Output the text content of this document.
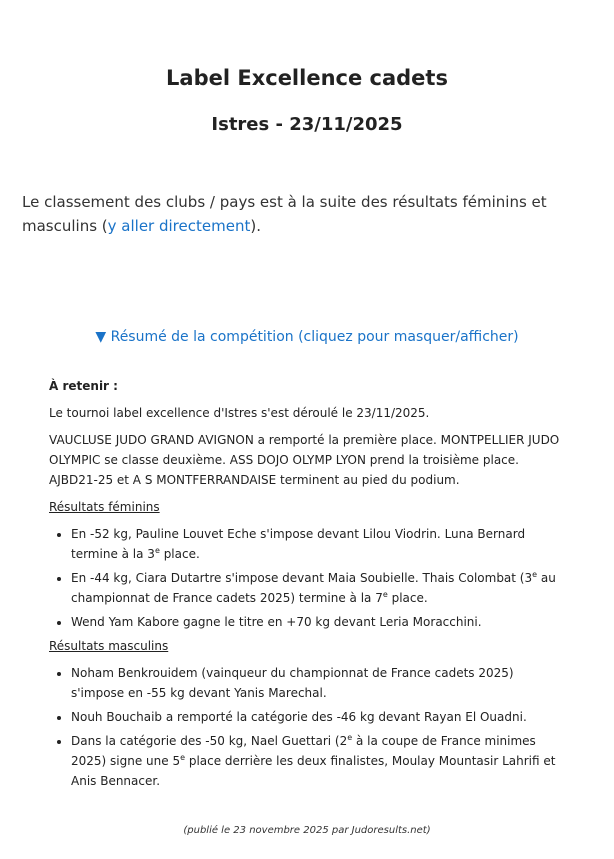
Label Excellence cadets
Istres - 23/11/2025
Le classement des clubs / pays est à la suite des résultats féminins et masculins (y aller directement).
▼ Résumé de la compétition (cliquez pour masquer/afficher)

À retenir :

Le tournoi label excellence d'Istres s'est déroulé le 23/11/2025.

VAUCLUSE JUDO GRAND AVIGNON a remporté la première place. MONTPELLIER JUDO OLYMPIC se classe deuxième. ASS DOJO OLYMP LYON prend la troisième place. AJBD21-25 et A S MONTFERRANDAISE terminent au pied du podium.

Résultats féminins

• En -52 kg, Pauline Louvet Eche s'impose devant Lilou Viodrin. Luna Bernard termine à la 3e place.
• En -44 kg, Ciara Dutartre s'impose devant Maia Soubielle. Thais Colombat (3e au championnat de France cadets 2025) termine à la 7e place.
• Wend Yam Kabore gagne le titre en +70 kg devant Leria Moracchini.

Résultats masculins

• Noham Benkrouidem (vainqueur du championnat de France cadets 2025) s'impose en -55 kg devant Yanis Marechal.
• Nouh Bouchaib a remporté la catégorie des -46 kg devant Rayan El Ouadni.
• Dans la catégorie des -50 kg, Nael Guettari (2e à la coupe de France minimes 2025) signe une 5e place derrière les deux finalistes, Moulay Mountasir Lahrifi et Anis Bennacer.
(publié le 23 novembre 2025 par Judoresults.net)
